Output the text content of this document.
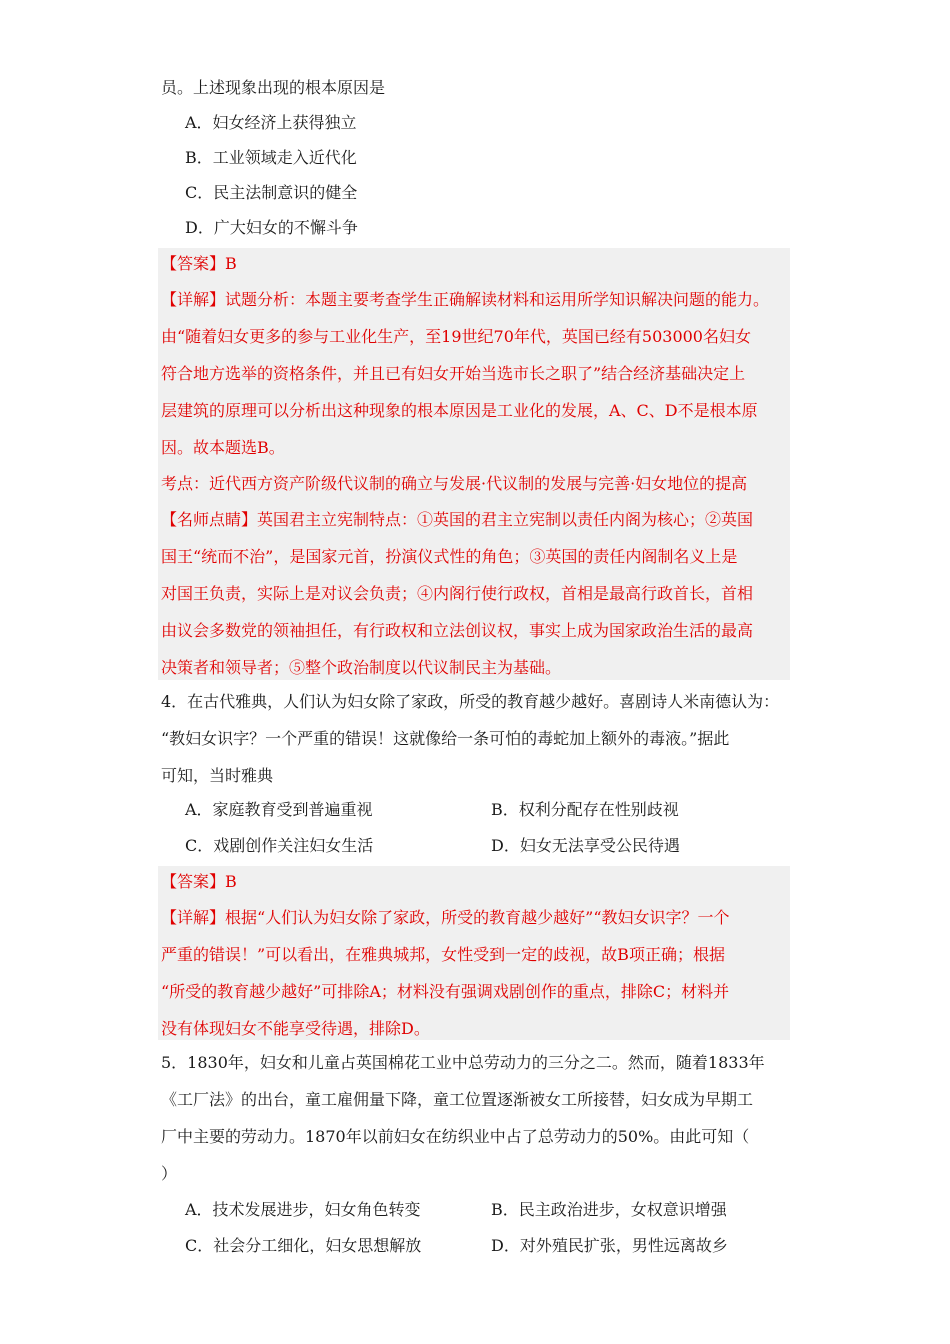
员。上述现象出现的根本原因是
A．妇女经济上获得独立
B．工业领域走入近代化
C．民主法制意识的健全
D．广大妇女的不懈斗争
【答案】B
【详解】试题分析：本题主要考查学生正确解读材料和运用所学知识解决问题的能力。
由“随着妇女更多的参与工业化生产，至19世纪70年代，英国已经有503000名妇女
符合地方选举的资格条件，并且已有妇女开始当选市长之职了”结合经济基础决定上
层建筑的原理可以分析出这种现象的根本原因是工业化的发展，A、C、D不是根本原
因。故本题选B。
考点：近代西方资产阶级代议制的确立与发展·代议制的发展与完善·妇女地位的提高
【名师点睛】英国君主立宪制特点：①英国的君主立宪制以责任内阁为核心；②英国
国王“统而不治”，是国家元首，扮演仪式性的角色；③英国的责任内阁制名义上是
对国王负责，实际上是对议会负责；④内阁行使行政权，首相是最高行政首长，首相
由议会多数党的领袖担任，有行政权和立法创议权，事实上成为国家政治生活的最高
决策者和领导者；⑤整个政治制度以代议制民主为基础。
4．在古代雅典，人们认为妇女除了家政，所受的教育越少越好。喜剧诗人米南德认为：
“教妇女识字？一个严重的错误！这就像给一条可怕的毒蛇加上额外的毒液。”据此
可知，当时雅典
A．家庭教育受到普遍重视	B．权利分配存在性别歧视
C．戏剧创作关注妇女生活	D．妇女无法享受公民待遇
【答案】B
【详解】根据“人们认为妇女除了家政，所受的教育越少越好”“教妇女识字？一个
严重的错误！”可以看出，在雅典城邦，女性受到一定的歧视，故B项正确；根据
“所受的教育越少越好”可排除A；材料没有强调戏剧创作的重点，排除C；材料并
没有体现妇女不能享受待遇，排除D。
5．1830年，妇女和儿童占英国棉花工业中总劳动力的三分之二。然而，随着1833年
《工厂法》的出台，童工雇佣量下降，童工位置逐渐被女工所接替，妇女成为早期工
厂中主要的劳动力。1870年以前妇女在纺织业中占了总劳动力的50%。由此可知（
）
A．技术发展进步，妇女角色转变	B．民主政治进步，女权意识增强
C．社会分工细化，妇女思想解放	D．对外殖民扩张，男性远离故乡
